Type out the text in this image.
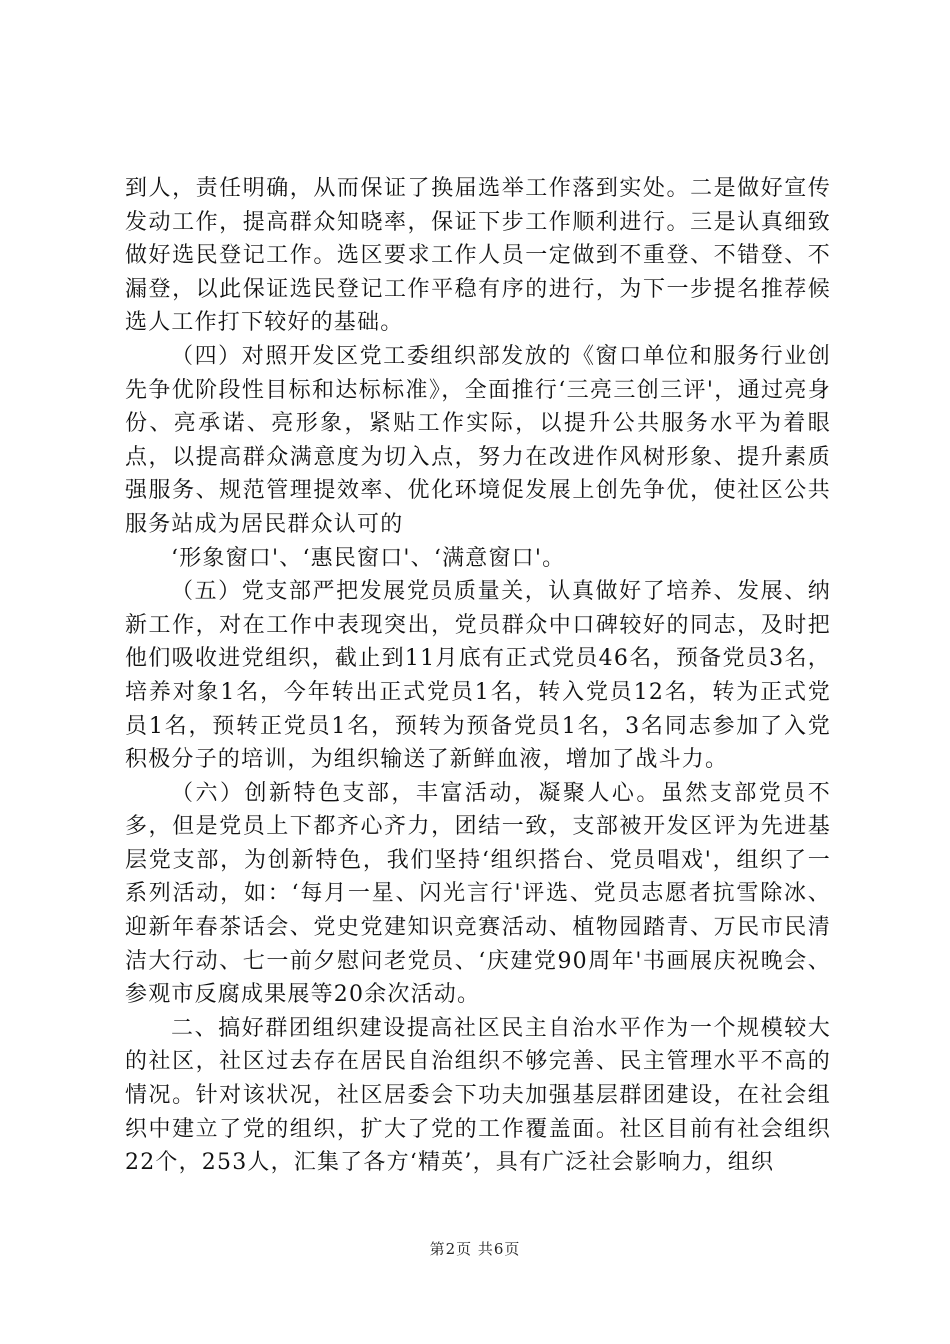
到人，责任明确，从而保证了换届选举工作落到实处。二是做好宣传发动工作，提高群众知晓率，保证下步工作顺利进行。三是认真细致做好选民登记工作。选区要求工作人员一定做到不重登、不错登、不漏登，以此保证选民登记工作平稳有序的进行，为下一步提名推荐候选人工作打下较好的基础。

（四）对照开发区党工委组织部发放的《窗口单位和服务行业创先争优阶段性目标和达标标准》，全面推行‘三亮三创三评'，通过亮身份、亮承诺、亮形象，紧贴工作实际，以提升公共服务水平为着眼点，以提高群众满意度为切入点，努力在改进作风树形象、提升素质强服务、规范管理提效率、优化环境促发展上创先争优，使社区公共服务站成为居民群众认可的

‘形象窗口'、‘惠民窗口'、‘满意窗口'。

（五）党支部严把发展党员质量关，认真做好了培养、发展、纳新工作，对在工作中表现突出，党员群众中口碑较好的同志，及时把他们吸收进党组织，截止到11月底有正式党员46名，预备党员3名，培养对象1名，今年转出正式党员1名，转入党员12名，转为正式党员1名，预转正党员1名，预转为预备党员1名，3名同志参加了入党积极分子的培训，为组织输送了新鲜血液，增加了战斗力。

（六）创新特色支部，丰富活动，凝聚人心。虽然支部党员不多，但是党员上下都齐心齐力，团结一致，支部被开发区评为先进基层党支部，为创新特色，我们坚持‘组织搭台、党员唱戏'，组织了一系列活动，如：‘每月一星、闪光言行'评选、党员志愿者抗雪除冰、迎新年春茶话会、党史党建知识竞赛活动、植物园踏青、万民市民清洁大行动、七一前夕慰问老党员、‘庆建党90周年'书画展庆祝晚会、参观市反腐成果展等20余次活动。

二、搞好群团组织建设提高社区民主自治水平作为一个规模较大的社区，社区过去存在居民自治组织不够完善、民主管理水平不高的情况。针对该状况，社区居委会下功夫加强基层群团建设，在社会组织中建立了党的组织，扩大了党的工作覆盖面。社区目前有社会组织22个，253人，汇集了各方‘精英’，具有广泛社会影响力，组织

第2页 共6页
